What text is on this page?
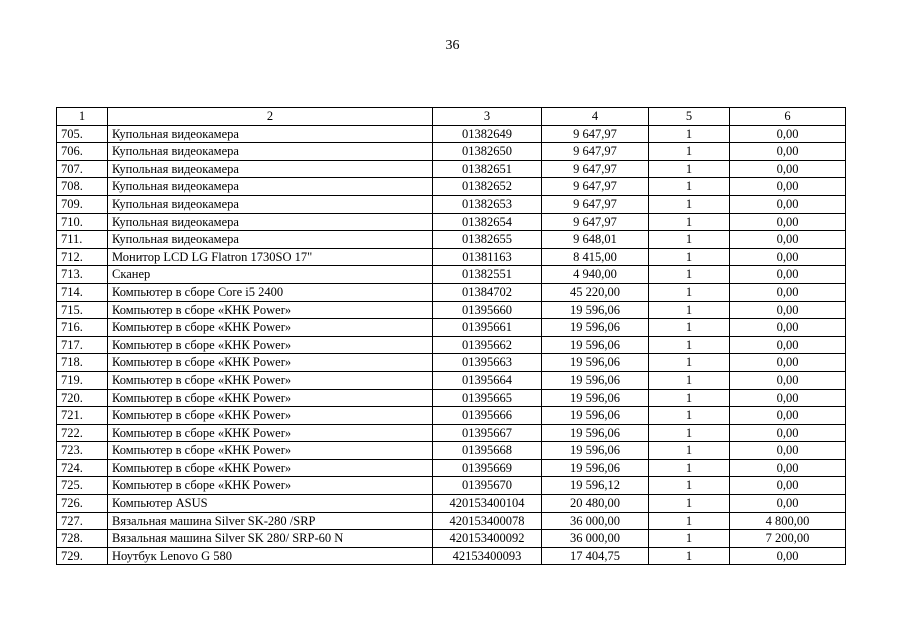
36
1	2	3	4	5	6
705.	Купольная видеокамера	01382649	9 647,97	1	0,00
706.	Купольная видеокамера	01382650	9 647,97	1	0,00
707.	Купольная видеокамера	01382651	9 647,97	1	0,00
708.	Купольная видеокамера	01382652	9 647,97	1	0,00
709.	Купольная видеокамера	01382653	9 647,97	1	0,00
710.	Купольная видеокамера	01382654	9 647,97	1	0,00
711.	Купольная видеокамера	01382655	9 648,01	1	0,00
712.	Монитор LCD LG Flatron 1730SO 17"	01381163	8 415,00	1	0,00
713.	Сканер	01382551	4 940,00	1	0,00
714.	Компьютер в сборе Core i5 2400	01384702	45 220,00	1	0,00
715.	Компьютер в сборе «КНК Power»	01395660	19 596,06	1	0,00
716.	Компьютер в сборе «КНК Power»	01395661	19 596,06	1	0,00
717.	Компьютер в сборе «КНК Power»	01395662	19 596,06	1	0,00
718.	Компьютер в сборе «КНК Power»	01395663	19 596,06	1	0,00
719.	Компьютер в сборе «КНК Power»	01395664	19 596,06	1	0,00
720.	Компьютер в сборе «КНК Power»	01395665	19 596,06	1	0,00
721.	Компьютер в сборе «КНК Power»	01395666	19 596,06	1	0,00
722.	Компьютер в сборе «КНК Power»	01395667	19 596,06	1	0,00
723.	Компьютер в сборе «КНК Power»	01395668	19 596,06	1	0,00
724.	Компьютер в сборе «КНК Power»	01395669	19 596,06	1	0,00
725.	Компьютер в сборе «КНК Power»	01395670	19 596,12	1	0,00
726.	Компьютер ASUS	420153400104	20 480,00	1	0,00
727.	Вязальная машина Silver SK-280 /SRP	420153400078	36 000,00	1	4 800,00
728.	Вязальная машина Silver SK 280/ SRP-60 N	420153400092	36 000,00	1	7 200,00
729.	Ноутбук Lenovo G 580	42153400093	17 404,75	1	0,00
